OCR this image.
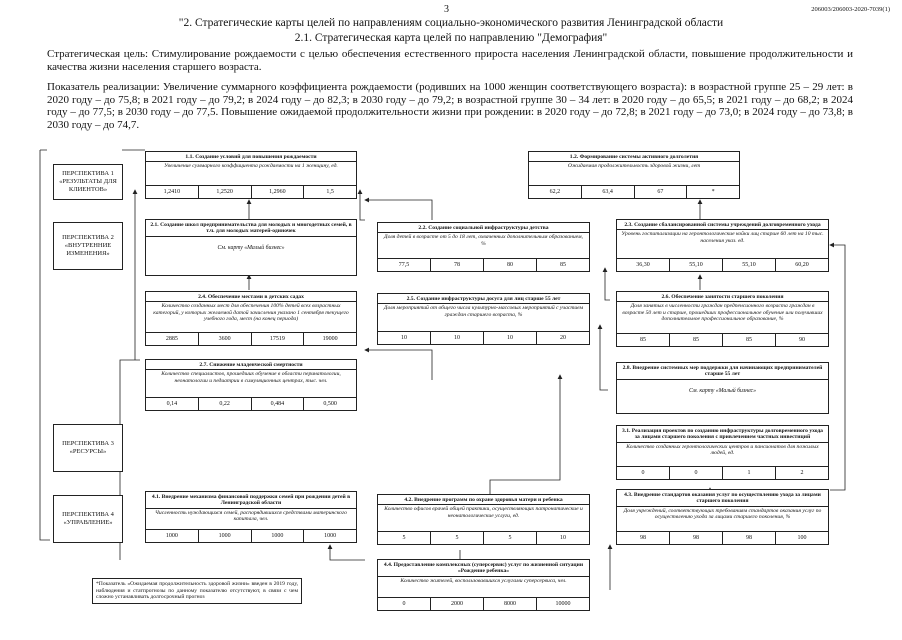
3	206003/206003-2020-7039(1)
"2. Стратегические карты целей по направлениям социально-экономического развития Ленинградской области
2.1. Стратегическая карта целей по направлению "Демография"
Стратегическая цель: Стимулирование рождаемости с целью обеспечения естественного прироста населения Ленинградской области, повышение продолжительности и качества жизни населения старшего возраста.
Показатель реализации: Увеличение суммарного коэффициента рождаемости (родивших на 1000 женщин соответствующего возраста): в возрастной группе 25 – 29 лет: в 2020 году – до 75,8; в 2021 году – до 79,2; в 2024 году – до 82,3; в 2030 году – до 79,2; в возрастной группе 30 – 34 лет: в 2020 году – до 65,5; в 2021 году – до 68,2; в 2024 году – до 77,5; в 2030 году – до 77,5. Повышение ожидаемой продолжительности жизни при рождении: в 2020 году – до 72,8; в 2021 году – до 73,0; в 2024 году – до 73,8; в 2030 году – до 74,7.
ПЕРСПЕКТИВА 1 «РЕЗУЛЬТАТЫ ДЛЯ КЛИЕНТОВ»
ПЕРСПЕКТИВА 2 «ВНУТРЕННИЕ ИЗМЕНЕНИЯ»
ПЕРСПЕКТИВА 3 «РЕСУРСЫ»
ПЕРСПЕКТИВА 4 «УПРАВЛЕНИЕ»
1.1. Создание условий для повышения рождаемости
Увеличение суммарного коэффициента рождаемости на 1 женщину, ед.
1,2410	1,2520	1,2960	1,5
1.2. Формирование системы активного долголетия
Ожидаемая продолжительность здоровой жизни, лет
62,2	63,4	67	*
2.1. Создание школ предпринимательства для молодых и многодетных семей, в т.ч. для молодых матерей-одиночек
См. карту «Малый бизнес»
2.2. Создание социальной инфраструктуры детства
Доля детей в возрасте от 5 до 18 лет, охваченных дополнительным образованием, %
77,5	78	80	85
2.3. Создание сбалансированной системы учреждений долговременного ухода
Уровень госпитализации на геронтологические койки лиц старше 60 лет на 10 тыс. населения указ. ед.
36,30	55,10	55,10	60,20
2.4. Обеспечение местами в детских садах
Количество созданных мест для обеспечения 100% детей всех возрастных категорий, у которых желаемой датой зачисления указано 1 сентября текущего учебного года, мест (на конец периода)
2885	3600	17519	19000
2.5. Создание инфраструктуры досуга для лиц старше 55 лет
Доля мероприятий от общего числа культурно-массовых мероприятий с участием граждан старшего возраста, %
10	10	10	20
2.6. Обеспечение занятости старшего поколения
Доля занятых в численности граждан предпенсионного возраста граждан в возрасте 50 лет и старше, прошедших профессиональное обучение или получивших дополнительное профессиональное образование, %
85	85	85	90
2.7. Снижение младенческой смертности
Количество специалистов, прошедших обучение в области перинатологии, неонатологии и педиатрии в симуляционных центрах, тыс. чел.
0,14	0,22	0,484	0,500
2.8. Внедрение системных мер поддержки для начинающих предпринимателей старше 55 лет
См. карту «Малый бизнес»
3.1. Реализация проектов по созданию инфраструктуры долговременного ухода за лицами старшего поколения с привлечением частных инвестиций
Количество созданных геронтологических центров и пансионатов для пожилых людей, ед.
0	0	1	2
4.1. Внедрение механизма финансовой поддержки семей при рождении детей в Ленинградской области
Численность нуждающихся семей, распорядившихся средствами материнского капитала, чел.
1000	1000	1000	1000
4.2. Внедрение программ по охране здоровья матери и ребенка
Количество офисов врачей общей практики, осуществляющих патронатические и неонатологические услуги, ед.
5	5	5	10
4.3. Внедрение стандартов оказания услуг по осуществлению ухода за лицами старшего поколения
Доля учреждений, соответствующих требованиям стандартов оказания услуг по осуществлению ухода за лицами старшего поколения, %
98	98	98	100
4.4. Предоставление комплексных (суперсервис) услуг по жизненной ситуации «Рождение ребенка»
Количество жителей, воспользовавшихся услугами суперсервиса, чел.
0	2000	8000	10000
*Показатель «Ожидаемая продолжительность здоровой жизни» введен в 2019 году, наблюдения и статпрогнозы по данному показателю отсутствуют, в связи с чем сложно устанавливать долгосрочный прогноз
